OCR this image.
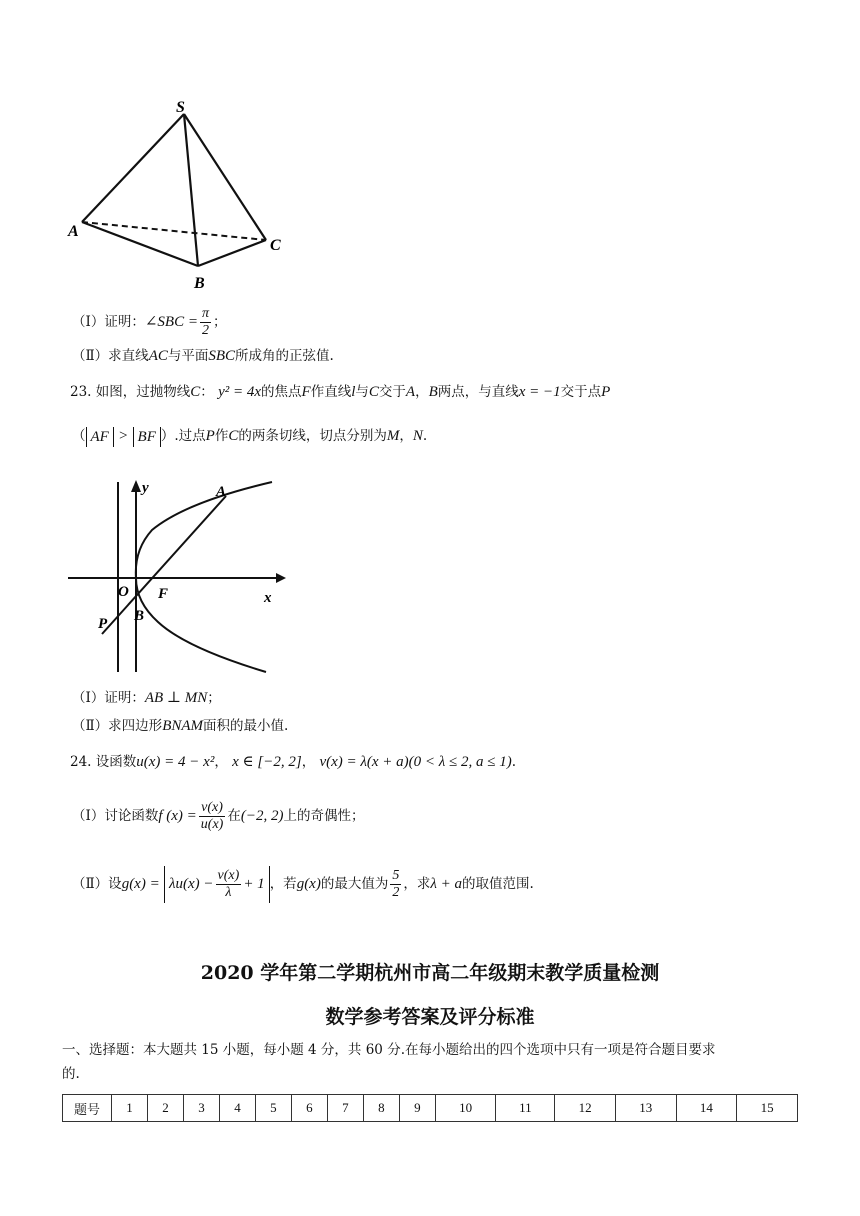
S
A
B
C
（Ⅰ）证明：∠SBC = $\frac{\pi}{2}$ ；
（Ⅱ）求直线AC与平面SBC所成角的正弦值.
23. 如图，过抛物线C： y² = 4x的焦点F作直线l与C交于A，B两点，与直线x = −1交于点P
（ AF > BF ）.过点P作C的两条切线，切点分别为M，N.
y
x
A
O F
B
P
（Ⅰ）证明：AB ⊥ MN；
（Ⅱ）求四边形BNAM面积的最小值.
24. 设函数u(x) = 4 − x²， x ∈ [−2, 2]， v(x) = λ(x + a)(0 < λ ≤ 2, a ≤ 1).
（Ⅰ）讨论函数f $(x) = \frac{v(x)}{u(x)}$ 在(−2, 2)上的奇偶性；
（Ⅱ）设$g(x) = \lambda u(x) - \frac{v(x)}{\lambda} + 1$ ，若g(x)的最大值为 $\frac{5}{2}$ ，求λ + a的取值范围.
2020 学年第二学期杭州市高二年级期末教学质量检测
数学参考答案及评分标准
一、选择题：本大题共 15 小题，每小题 4 分，共 60 分.在每小题给出的四个选项中只有一项是符合题目要求
的.
题号	1	2	3	4	5	6	7	8	9	10	11	12	13	14	15
